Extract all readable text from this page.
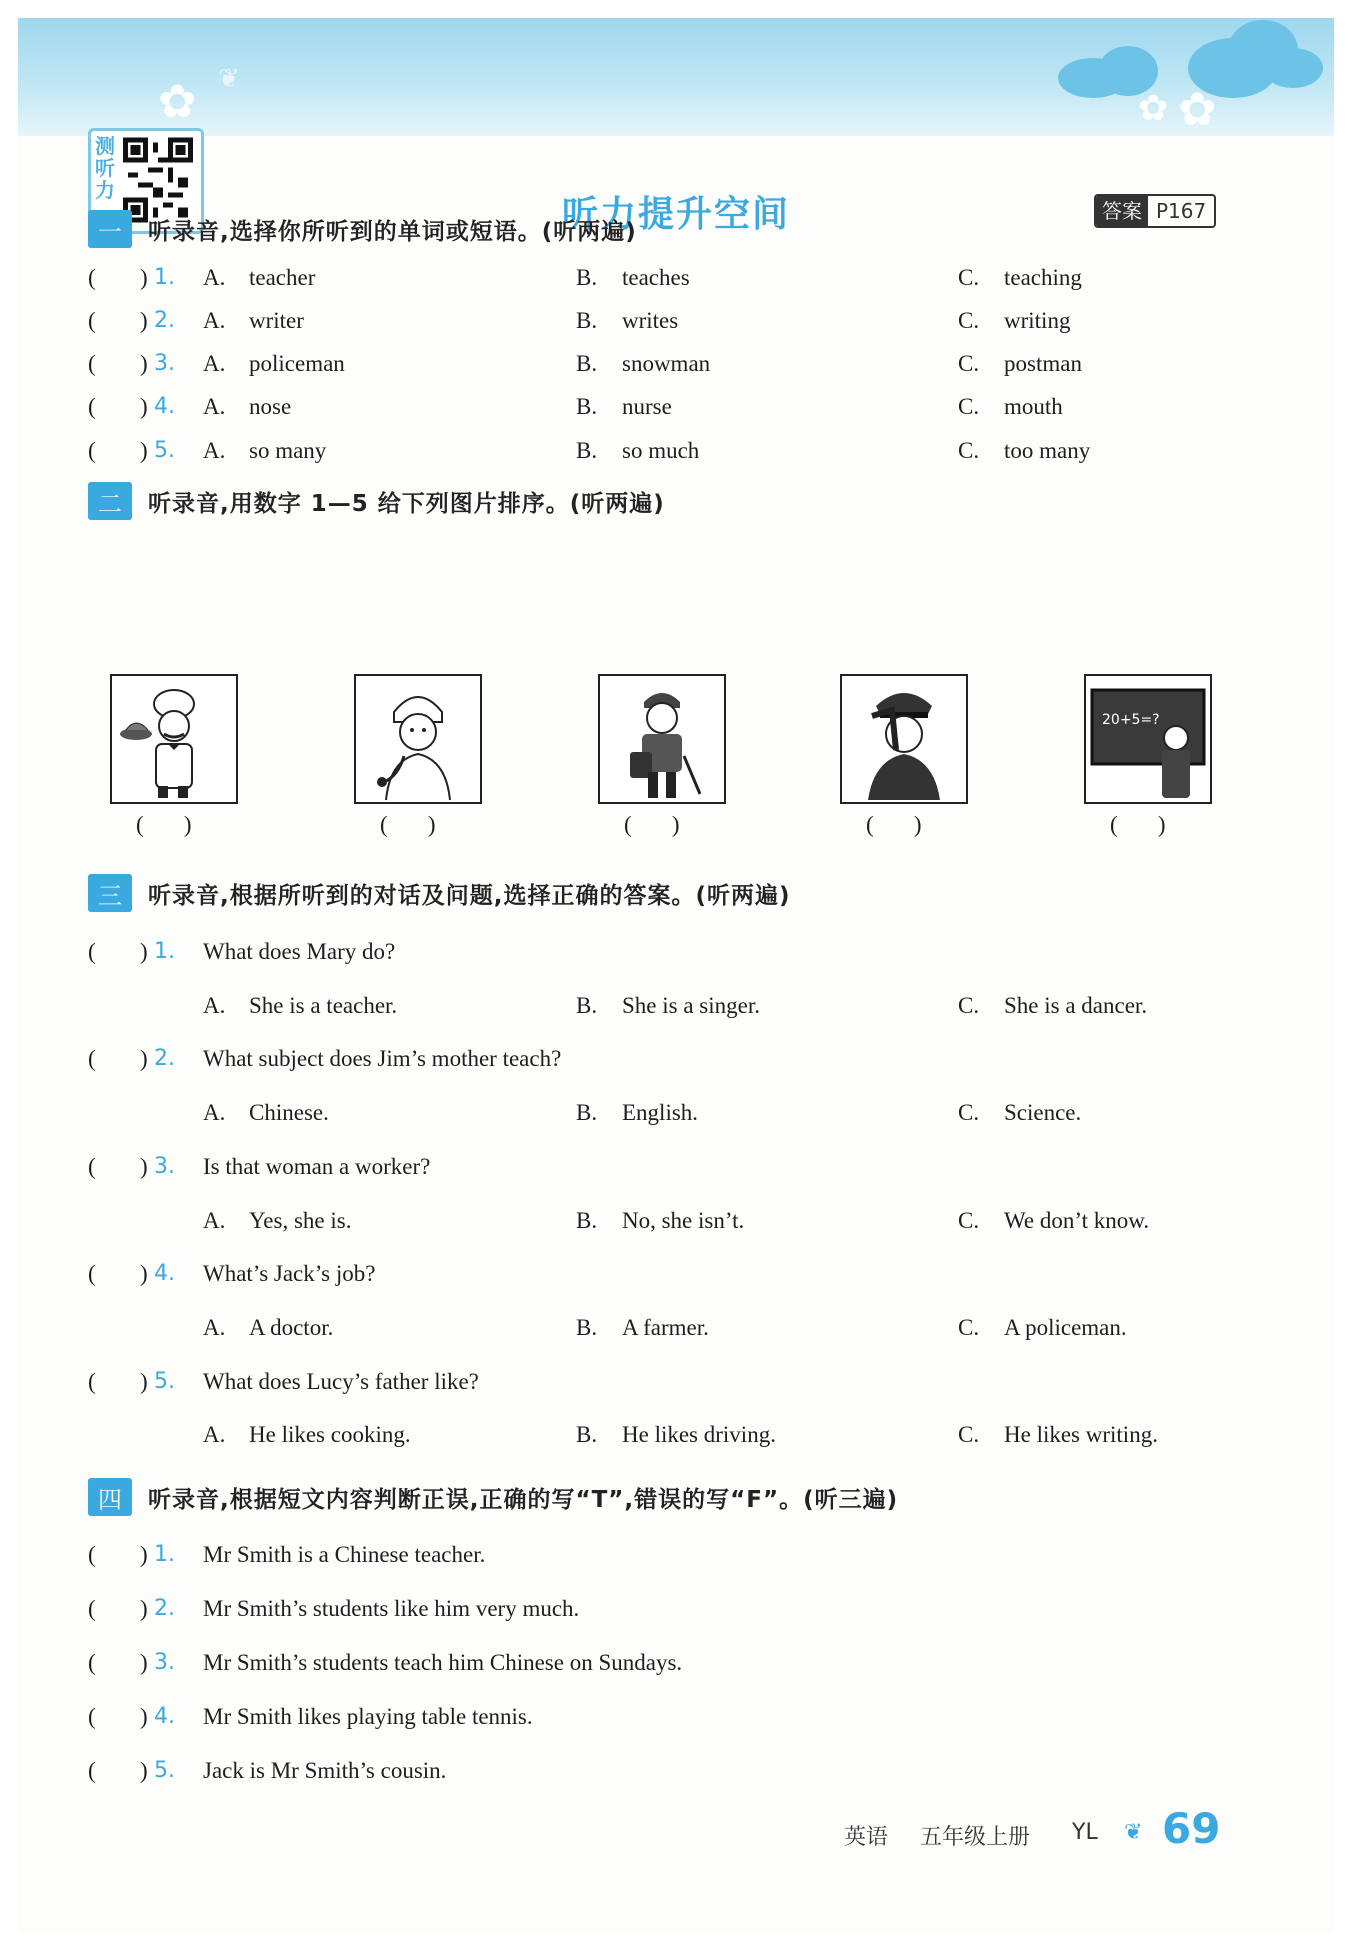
✿	✿ ✿
❦
测听力
听力提升空间	答案 P167
一	听录音,选择你所听到的单词或短语。(听两遍)
( ) 1. A. teacher	B. teaches	C. teaching
( ) 2. A. writer	B. writes	C. writing
( ) 3. A. policeman	B. snowman	C. postman
( ) 4. A. nose	B. nurse	C. mouth
( ) 5. A. so many	B. so much	C. too many
二	听录音,用数字 1—5 给下列图片排序。(听两遍)
20+5=?
(       )	(       )	(       )	(       )	(       )
三	听录音,根据所听到的对话及问题,选择正确的答案。(听两遍)
( ) 1. What does Mary do?
A. She is a teacher.	B. She is a singer.	C. She is a dancer.
( ) 2. What subject does Jim’s mother teach?
A. Chinese.	B. English.	C. Science.
( ) 3. Is that woman a worker?
A. Yes, she is.	B. No, she isn’t.	C. We don’t know.
( ) 4. What’s Jack’s job?
A. A doctor.	B. A farmer.	C. A policeman.
( ) 5. What does Lucy’s father like?
A. He likes cooking.	B. He likes driving.	C. He likes writing.
四	听录音,根据短文内容判断正误,正确的写“T”,错误的写“F”。(听三遍)
( ) 1. Mr Smith is a Chinese teacher.
( ) 2. Mr Smith’s students like him very much.
( ) 3. Mr Smith’s students teach him Chinese on Sundays.
( ) 4. Mr Smith likes playing table tennis.
( ) 5. Jack is Mr Smith’s cousin.
英语 五年级上册 YL ❦ 69
